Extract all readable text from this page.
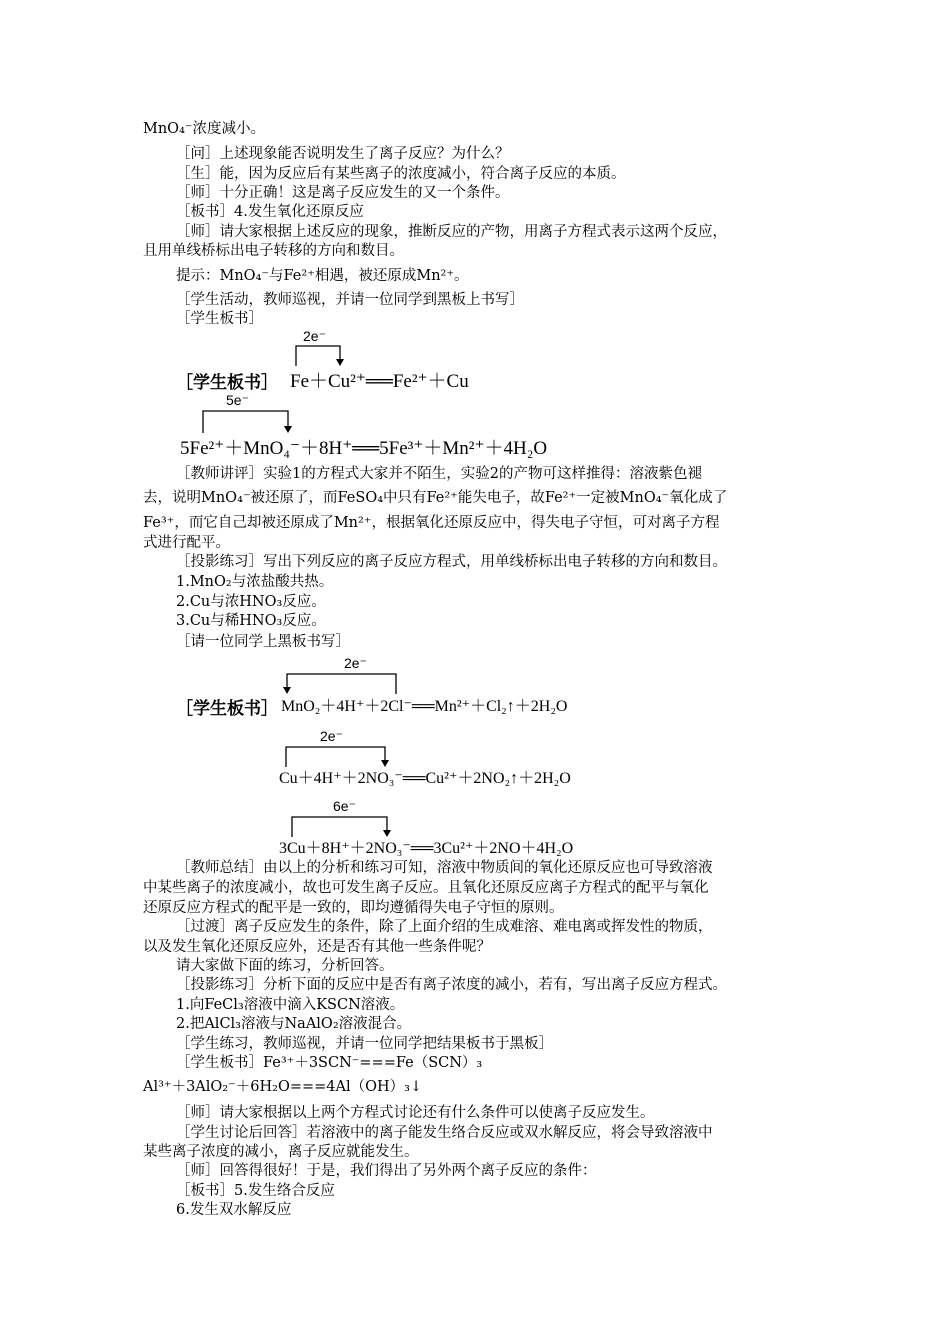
MnO₄⁻浓度减小。
［问］上述现象能否说明发生了离子反应？为什么？
［生］能，因为反应后有某些离子的浓度减小，符合离子反应的本质。
［师］十分正确！这是离子反应发生的又一个条件。
［板书］4.发生氧化还原反应
［师］请大家根据上述反应的现象，推断反应的产物，用离子方程式表示这两个反应，
且用单线桥标出电子转移的方向和数目。
提示：MnO₄⁻与Fe²⁺相遇，被还原成Mn²⁺。
［学生活动，教师巡视，并请一位同学到黑板上书写］
［学生板书］
2e⁻
［学生板书］ Fe＋Cu²⁺══Fe²⁺＋Cu
5e⁻
5Fe²⁺＋MnO₄⁻＋8H⁺══5Fe³⁺＋Mn²⁺＋4H₂O
［教师讲评］实验1的方程式大家并不陌生，实验2的产物可这样推得：溶液紫色褪
去，说明MnO₄⁻被还原了，而FeSO₄中只有Fe²⁺能失电子，故Fe²⁺一定被MnO₄⁻氧化成了
Fe³⁺，而它自己却被还原成了Mn²⁺，根据氧化还原反应中，得失电子守恒，可对离子方程
式进行配平。
［投影练习］写出下列反应的离子反应方程式，用单线桥标出电子转移的方向和数目。
1.MnO₂与浓盐酸共热。
2.Cu与浓HNO₃反应。
3.Cu与稀HNO₃反应。
［请一位同学上黑板书写］
2e⁻
［学生板书］ MnO₂＋4H⁺＋2Cl⁻══Mn²⁺＋Cl₂↑＋2H₂O
2e⁻
Cu＋4H⁺＋2NO₃⁻══Cu²⁺＋2NO₂↑＋2H₂O
6e⁻
3Cu＋8H⁺＋2NO₃⁻══3Cu²⁺＋2NO＋4H₂O
［教师总结］由以上的分析和练习可知，溶液中物质间的氧化还原反应也可导致溶液
中某些离子的浓度减小，故也可发生离子反应。且氧化还原反应离子方程式的配平与氧化
还原反应方程式的配平是一致的，即均遵循得失电子守恒的原则。
［过渡］离子反应发生的条件，除了上面介绍的生成难溶、难电离或挥发性的物质，
以及发生氧化还原反应外，还是否有其他一些条件呢？
请大家做下面的练习，分析回答。
［投影练习］分析下面的反应中是否有离子浓度的减小，若有，写出离子反应方程式。
1.向FeCl₃溶液中滴入KSCN溶液。
2.把AlCl₃溶液与NaAlO₂溶液混合。
［学生练习，教师巡视，并请一位同学把结果板书于黑板］
［学生板书］Fe³⁺＋3SCN⁻===Fe（SCN）₃
Al³⁺＋3AlO₂⁻＋6H₂O===4Al（OH）₃↓
［师］请大家根据以上两个方程式讨论还有什么条件可以使离子反应发生。
［学生讨论后回答］若溶液中的离子能发生络合反应或双水解反应，将会导致溶液中
某些离子浓度的减小，离子反应就能发生。
［师］回答得很好！于是，我们得出了另外两个离子反应的条件：
［板书］5.发生络合反应
6.发生双水解反应
